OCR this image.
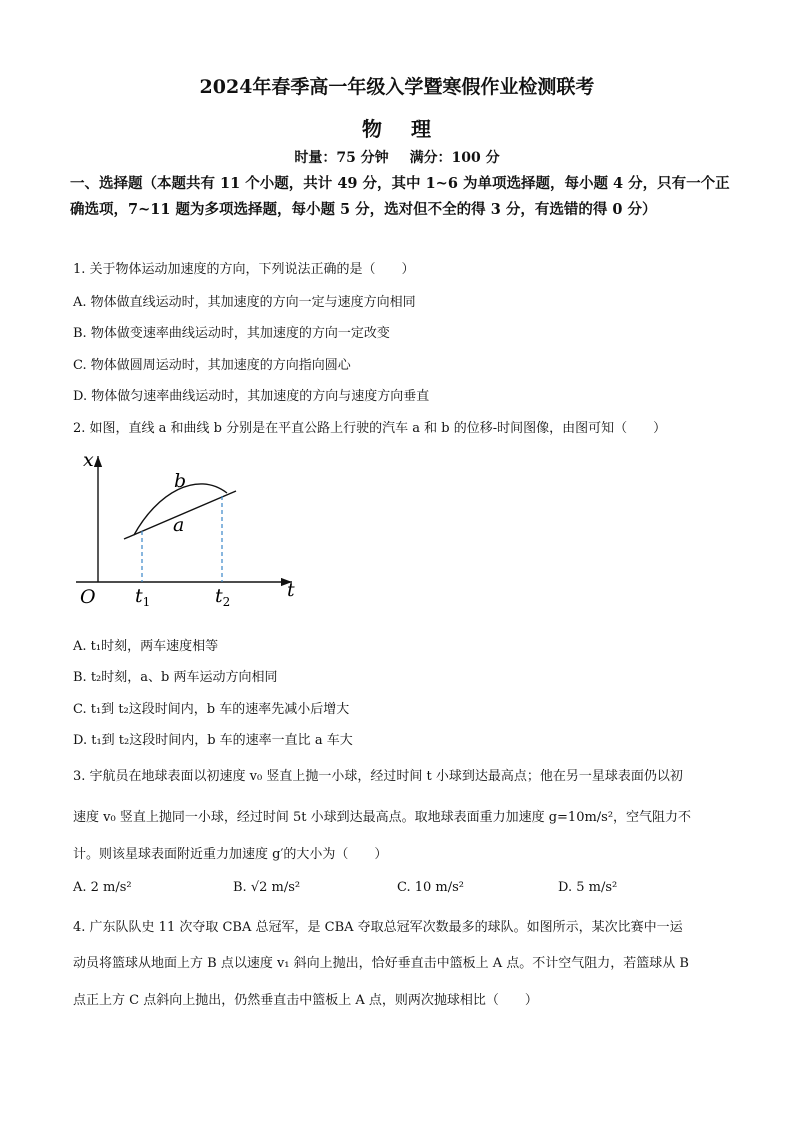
2024年春季高一年级入学暨寒假作业检测联考
物 理
时量：75 分钟 满分：100 分
一、选择题（本题共有 11 个小题，共计 49 分，其中 1~6 为单项选择题，每小题 4 分，只有一个正确选项，7~11 题为多项选择题，每小题 5 分，选对但不全的得 3 分，有选错的得 0 分）
1. 关于物体运动加速度的方向，下列说法正确的是（　　）
A. 物体做直线运动时，其加速度的方向一定与速度方向相同
B. 物体做变速率曲线运动时，其加速度的方向一定改变
C. 物体做圆周运动时，其加速度的方向指向圆心
D. 物体做匀速率曲线运动时，其加速度的方向与速度方向垂直
2. 如图，直线 a 和曲线 b 分别是在平直公路上行驶的汽车 a 和 b 的位移-时间图像，由图可知（　　）
x
t
O $t_1$	$t_2$
b
a
A. t₁时刻，两车速度相等
B. t₂时刻，a、b 两车运动方向相同
C. t₁到 t₂这段时间内，b 车的速率先减小后增大
D. t₁到 t₂这段时间内，b 车的速率一直比 a 车大
3. 宇航员在地球表面以初速度 v₀ 竖直上抛一小球，经过时间 t 小球到达最高点；他在另一星球表面仍以初
速度 v₀ 竖直上抛同一小球，经过时间 5t 小球到达最高点。取地球表面重力加速度 g=10m/s²，空气阻力不
计。则该星球表面附近重力加速度 g′的大小为（　　）
A. 2 m/s²	B. √2 m/s²	C. 10 m/s²	D. 5 m/s²
4. 广东队队史 11 次夺取 CBA 总冠军，是 CBA 夺取总冠军次数最多的球队。如图所示，某次比赛中一运
动员将篮球从地面上方 B 点以速度 v₁ 斜向上抛出，恰好垂直击中篮板上 A 点。不计空气阻力，若篮球从 B
点正上方 C 点斜向上抛出，仍然垂直击中篮板上 A 点，则两次抛球相比（　　）
